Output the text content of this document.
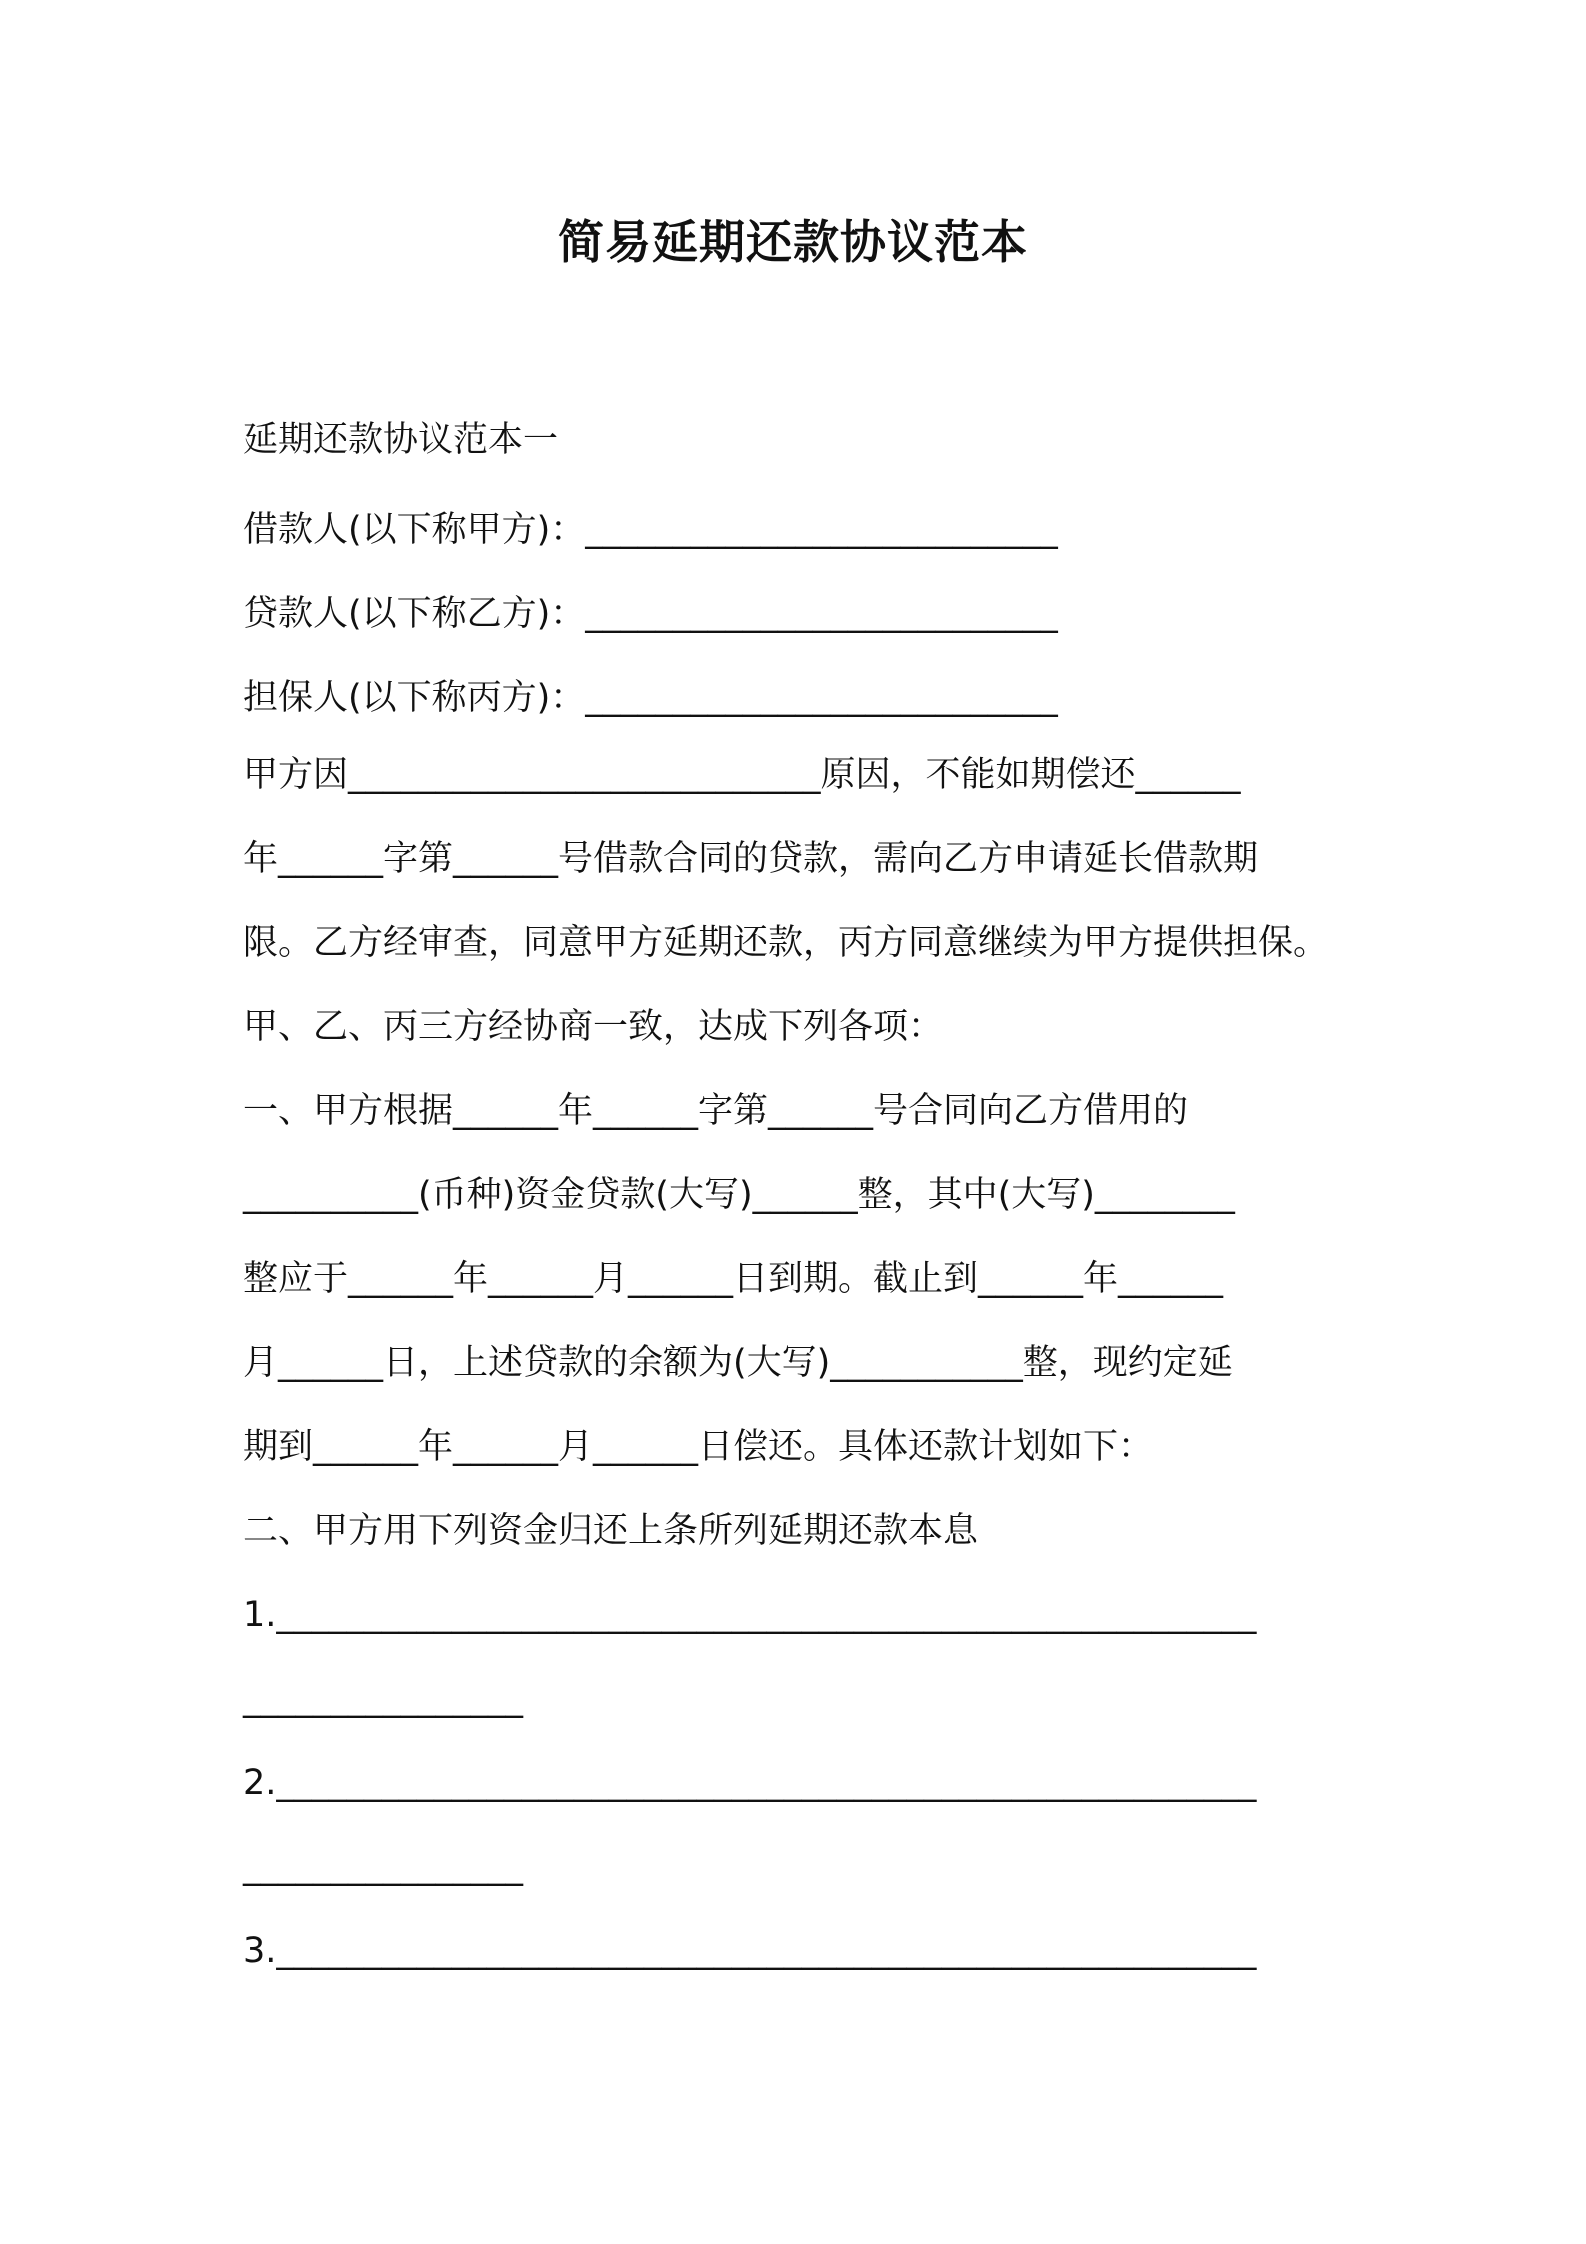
简易延期还款协议范本
延期还款协议范本一
借款人(以下称甲方)：___________________________
贷款人(以下称乙方)：___________________________
担保人(以下称丙方)：___________________________
甲方因___________________________原因，不能如期偿还______
年______字第______号借款合同的贷款，需向乙方申请延长借款期
限。乙方经审查，同意甲方延期还款，丙方同意继续为甲方提供担保。
甲、乙、丙三方经协商一致，达成下列各项：
一、甲方根据______年______字第______号合同向乙方借用的
__________(币种)资金贷款(大写)______整，其中(大写)________
整应于______年______月______日到期。截止到______年______
月______日，上述贷款的余额为(大写)___________整，现约定延
期到______年______月______日偿还。具体还款计划如下：
二、甲方用下列资金归还上条所列延期还款本息
1.________________________________________________________
________________
2.________________________________________________________
________________
3.________________________________________________________
